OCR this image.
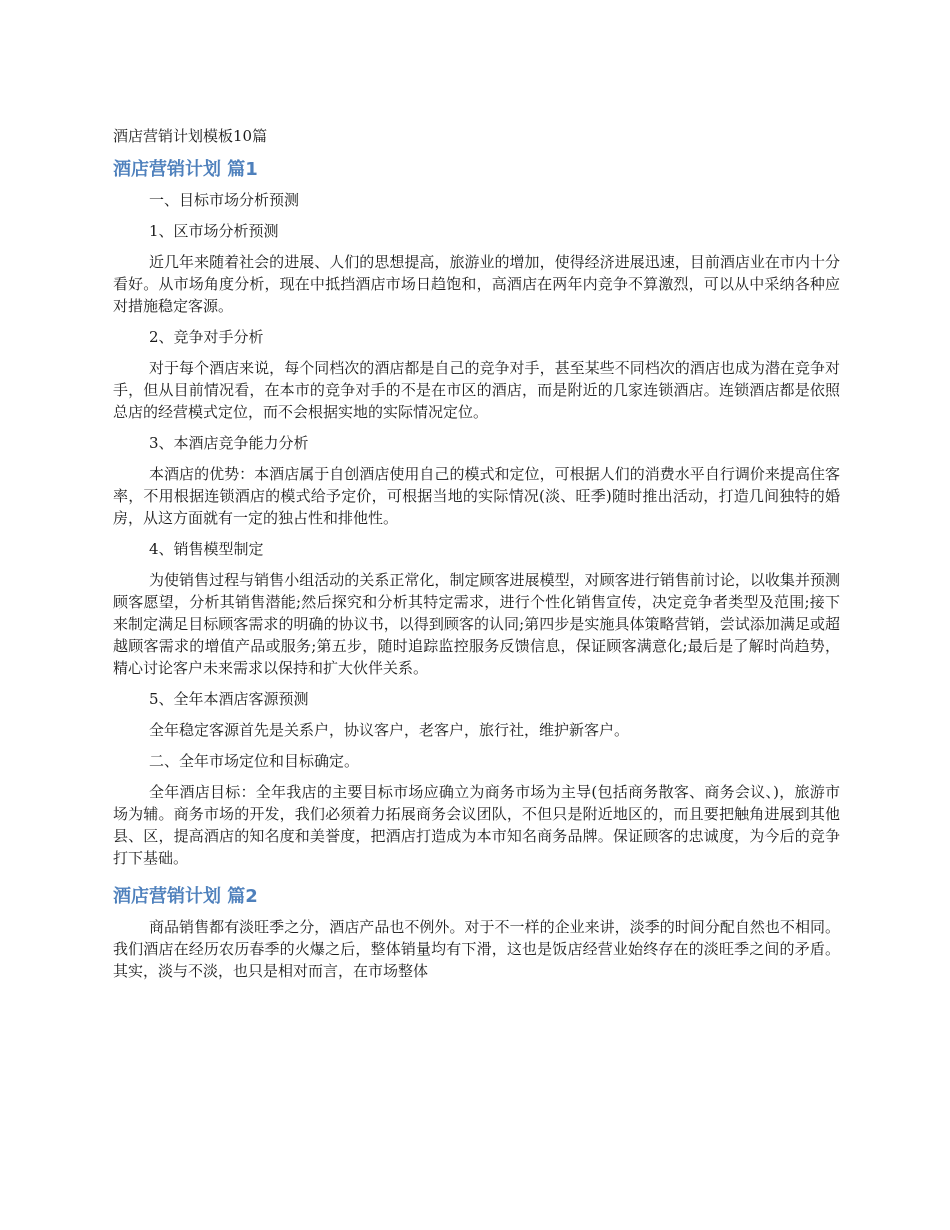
酒店营销计划模板10篇
酒店营销计划 篇1

一、目标市场分析预测

1、区市场分析预测

近几年来随着社会的进展、人们的思想提高，旅游业的增加，使得经济进展迅速，目前酒店业在市内十分看好。从市场角度分析，现在中抵挡酒店市场日趋饱和，高酒店在两年内竞争不算激烈，可以从中采纳各种应对措施稳定客源。

2、竞争对手分析

对于每个酒店来说，每个同档次的酒店都是自己的竞争对手，甚至某些不同档次的酒店也成为潜在竞争对手，但从目前情况看，在本市的竞争对手的不是在市区的酒店，而是附近的几家连锁酒店。连锁酒店都是依照总店的经营模式定位，而不会根据实地的实际情况定位。

3、本酒店竞争能力分析

本酒店的优势：本酒店属于自创酒店使用自己的模式和定位，可根据人们的消费水平自行调价来提高住客率，不用根据连锁酒店的模式给予定价，可根据当地的实际情况(淡、旺季)随时推出活动，打造几间独特的婚房，从这方面就有一定的独占性和排他性。

4、销售模型制定

为使销售过程与销售小组活动的关系正常化，制定顾客进展模型，对顾客进行销售前讨论，以收集并预测顾客愿望，分析其销售潜能;然后探究和分析其特定需求，进行个性化销售宣传，决定竞争者类型及范围;接下来制定满足目标顾客需求的明确的协议书，以得到顾客的认同;第四步是实施具体策略营销，尝试添加满足或超越顾客需求的增值产品或服务;第五步，随时追踪监控服务反馈信息，保证顾客满意化;最后是了解时尚趋势，精心讨论客户未来需求以保持和扩大伙伴关系。

5、全年本酒店客源预测

全年稳定客源首先是关系户，协议客户，老客户，旅行社，维护新客户。

二、全年市场定位和目标确定。

全年酒店目标：全年我店的主要目标市场应确立为商务市场为主导(包括商务散客、商务会议、)，旅游市场为辅。商务市场的开发，我们必须着力拓展商务会议团队，不但只是附近地区的，而且要把触角进展到其他县、区，提高酒店的知名度和美誉度，把酒店打造成为本市知名商务品牌。保证顾客的忠诚度，为今后的竞争打下基础。

酒店营销计划 篇2

商品销售都有淡旺季之分，酒店产品也不例外。对于不一样的企业来讲，淡季的时间分配自然也不相同。我们酒店在经历农历春季的火爆之后，整体销量均有下滑，这也是饭店经营业始终存在的淡旺季之间的矛盾。其实，淡与不淡，也只是相对而言，在市场整体
